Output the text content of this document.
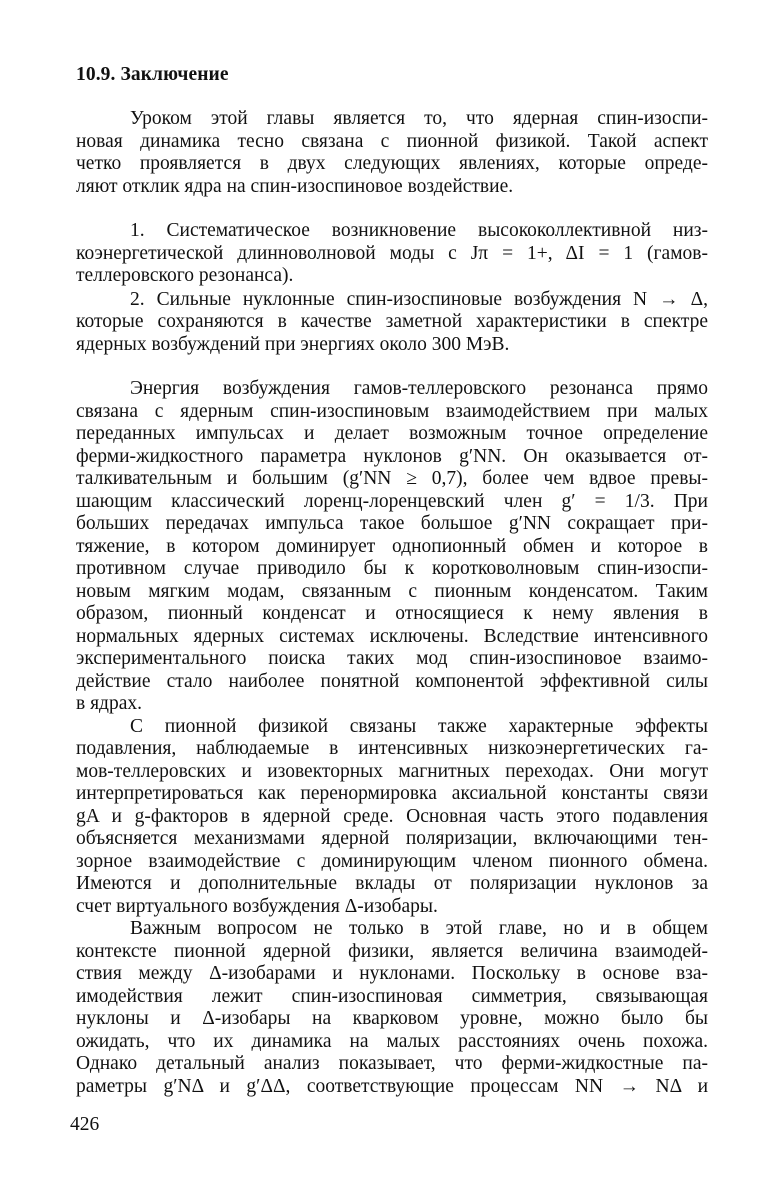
10.9. Заключение
Уроком этой главы является то, что ядерная спин-изоспи-
новая динамика тесно связана с пионной физикой. Такой аспект
четко проявляется в двух следующих явлениях, которые опреде-
ляют отклик ядра на спин-изоспиновое воздействие.
1. Систематическое возникновение высококоллективной низ-
коэнергетической длинноволновой моды с Jπ = 1+, ΔI = 1 (гамов-
теллеровского резонанса).
2. Сильные нуклонные спин-изоспиновые возбуждения N → Δ,
которые сохраняются в качестве заметной характеристики в спектре
ядерных возбуждений при энергиях около 300 МэВ.
Энергия возбуждения гамов-теллеровского резонанса прямо
связана с ядерным спин-изоспиновым взаимодействием при малых
переданных импульсах и делает возможным точное определение
ферми-жидкостного параметра нуклонов g′NN. Он оказывается от-
талкивательным и большим (g′NN ≥ 0,7), более чем вдвое превы-
шающим классический лоренц-лоренцевский член g′ = 1/3. При
больших передачах импульса такое большое g′NN сокращает при-
тяжение, в котором доминирует однопионный обмен и которое в
противном случае приводило бы к коротковолновым спин-изоспи-
новым мягким модам, связанным с пионным конденсатом. Таким
образом, пионный конденсат и относящиеся к нему явления в
нормальных ядерных системах исключены. Вследствие интенсивного
экспериментального поиска таких мод спин-изоспиновое взаимо-
действие стало наиболее понятной компонентой эффективной силы
в ядрах.
С пионной физикой связаны также характерные эффекты
подавления, наблюдаемые в интенсивных низкоэнергетических га-
мов-теллеровских и изовекторных магнитных переходах. Они могут
интерпретироваться как перенормировка аксиальной константы связи
gA и g-факторов в ядерной среде. Основная часть этого подавления
объясняется механизмами ядерной поляризации, включающими тен-
зорное взаимодействие с доминирующим членом пионного обмена.
Имеются и дополнительные вклады от поляризации нуклонов за
счет виртуального возбуждения Δ-изобары.
Важным вопросом не только в этой главе, но и в общем
контексте пионной ядерной физики, является величина взаимодей-
ствия между Δ-изобарами и нуклонами. Поскольку в основе вза-
имодействия лежит спин-изоспиновая симметрия, связывающая
нуклоны и Δ-изобары на кварковом уровне, можно было бы
ожидать, что их динамика на малых расстояниях очень похожа.
Однако детальный анализ показывает, что ферми-жидкостные па-
раметры g′NΔ и g′ΔΔ, соответствующие процессам NN → NΔ и
426
